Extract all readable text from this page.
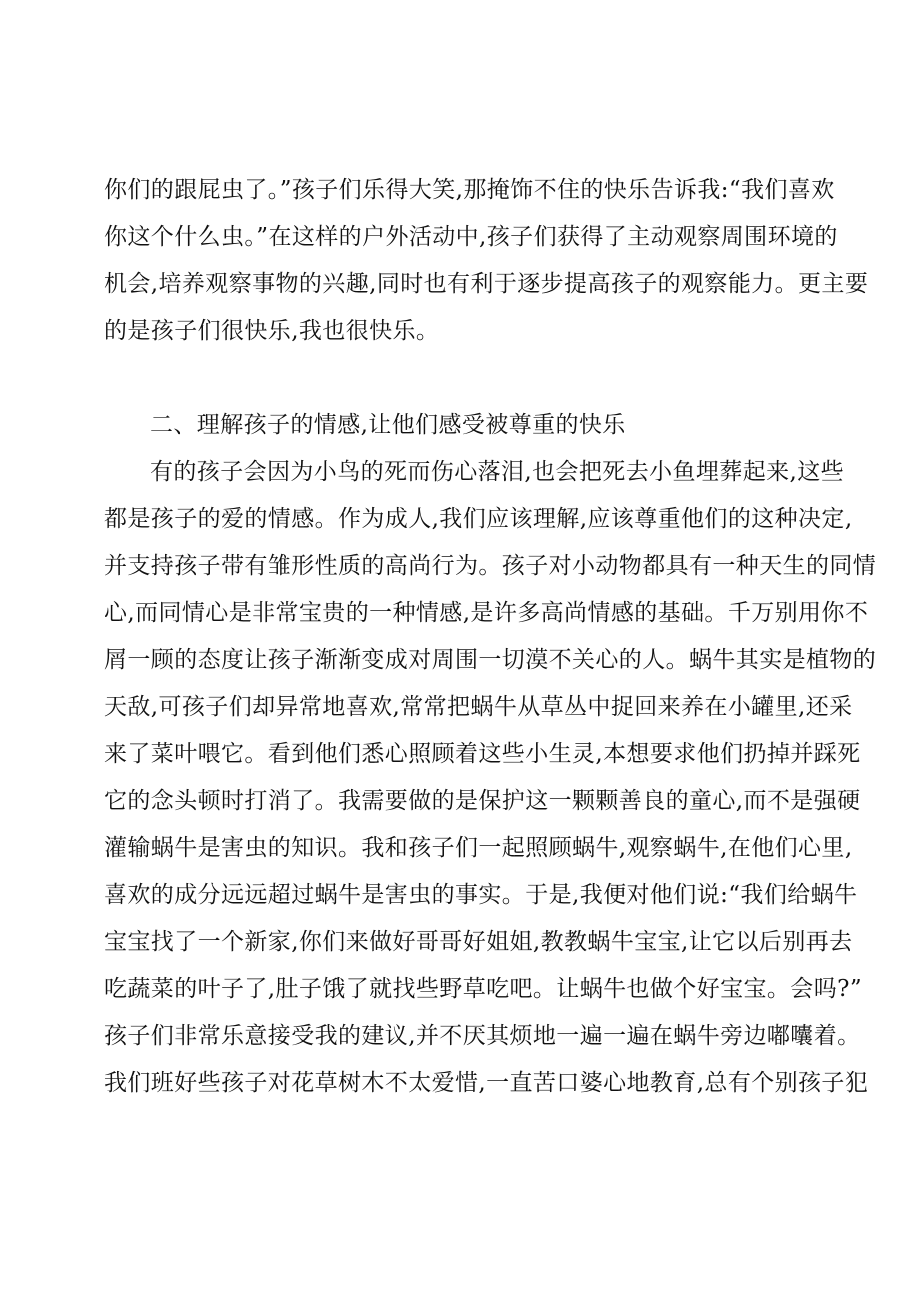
你们的跟屁虫了。”孩子们乐得大笑,那掩饰不住的快乐告诉我:“我们喜欢
你这个什么虫。”在这样的户外活动中,孩子们获得了主动观察周围环境的
机会,培养观察事物的兴趣,同时也有利于逐步提高孩子的观察能力。更主要
的是孩子们很快乐,我也很快乐。
二、理解孩子的情感,让他们感受被尊重的快乐
有的孩子会因为小鸟的死而伤心落泪,也会把死去小鱼埋葬起来,这些
都是孩子的爱的情感。作为成人,我们应该理解,应该尊重他们的这种决定,
并支持孩子带有雏形性质的高尚行为。孩子对小动物都具有一种天生的同情
心,而同情心是非常宝贵的一种情感,是许多高尚情感的基础。千万别用你不
屑一顾的态度让孩子渐渐变成对周围一切漠不关心的人。蜗牛其实是植物的
天敌,可孩子们却异常地喜欢,常常把蜗牛从草丛中捉回来养在小罐里,还采
来了菜叶喂它。看到他们悉心照顾着这些小生灵,本想要求他们扔掉并踩死
它的念头顿时打消了。我需要做的是保护这一颗颗善良的童心,而不是强硬
灌输蜗牛是害虫的知识。我和孩子们一起照顾蜗牛,观察蜗牛,在他们心里,
喜欢的成分远远超过蜗牛是害虫的事实。于是,我便对他们说:“我们给蜗牛
宝宝找了一个新家,你们来做好哥哥好姐姐,教教蜗牛宝宝,让它以后别再去
吃蔬菜的叶子了,肚子饿了就找些野草吃吧。让蜗牛也做个好宝宝。会吗?”
孩子们非常乐意接受我的建议,并不厌其烦地一遍一遍在蜗牛旁边嘟囔着。
我们班好些孩子对花草树木不太爱惜,一直苦口婆心地教育,总有个别孩子犯
